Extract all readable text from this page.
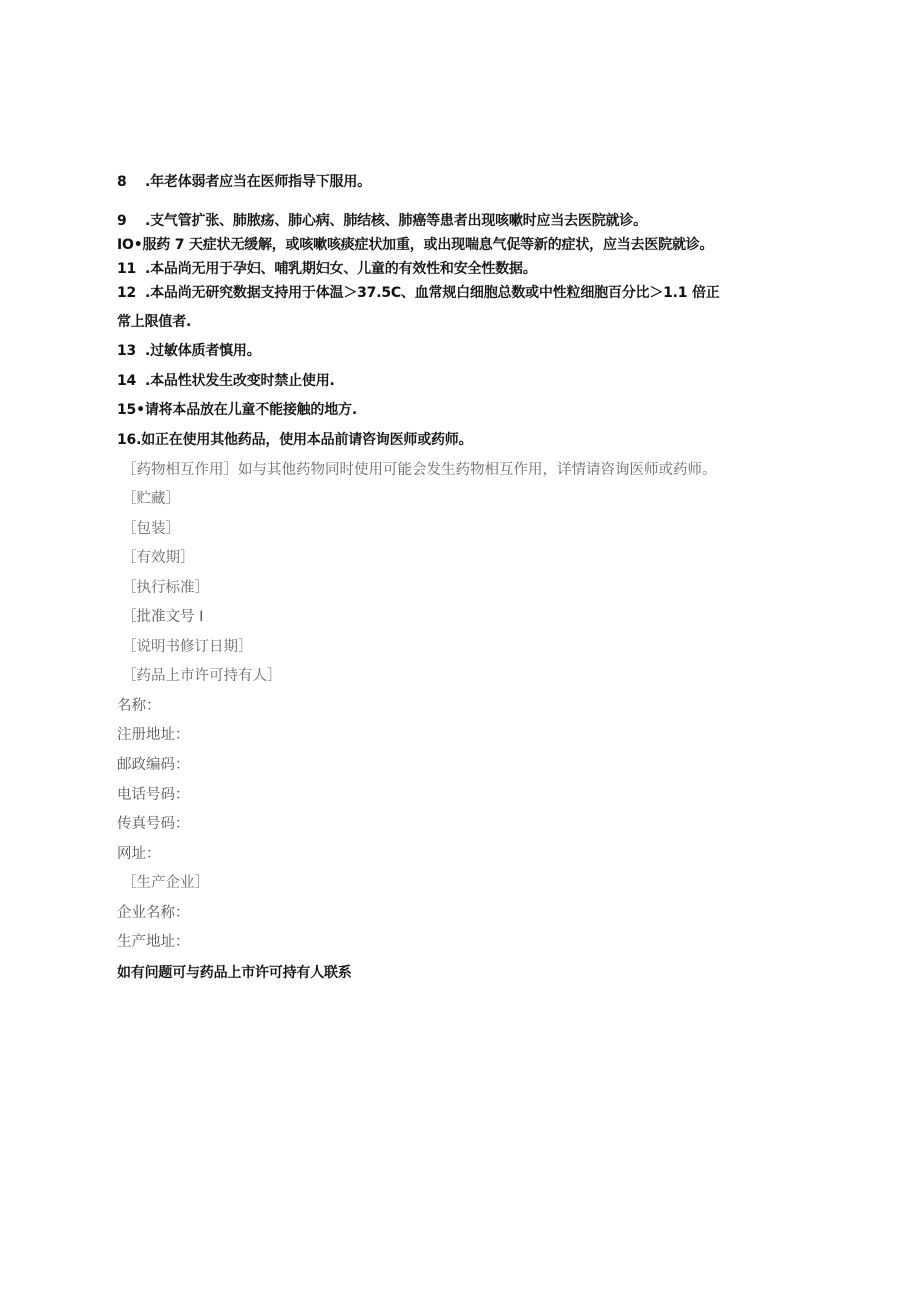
8 .年老体弱者应当在医师指导下服用。
9 .支气管扩张、肺脓疡、肺心病、肺结核、肺癌等患者出现咳嗽时应当去医院就诊。
IO•服药 7 天症状无缓解，或咳嗽咳痰症状加重，或出现喘息气促等新的症状，应当去医院就诊。
11 .本品尚无用于孕妇、哺乳期妇女、儿童的有效性和安全性数据。
12 .本品尚无研究数据支持用于体温＞37.5C、血常规白细胞总数或中性粒细胞百分比＞1.1 倍正
常上限值者.
13 .过敏体质者慎用。
14 .本品性状发生改变时禁止使用.
15•请将本品放在儿童不能接触的地方.
16.如正在使用其他药品，使用本品前请咨询医师或药师。
［药物相互作用］如与其他药物同时使用可能会发生药物相互作用，详情请咨询医师或药师。
［贮藏］
［包装］
［有效期］
［执行标准］
［批准文号 I
［说明书修订日期］
［药品上市许可持有人］
名称：
注册地址：
邮政编码：
电话号码：
传真号码：
网址：
［生产企业］
企业名称：
生产地址：
如有问题可与药品上市许可持有人联系
